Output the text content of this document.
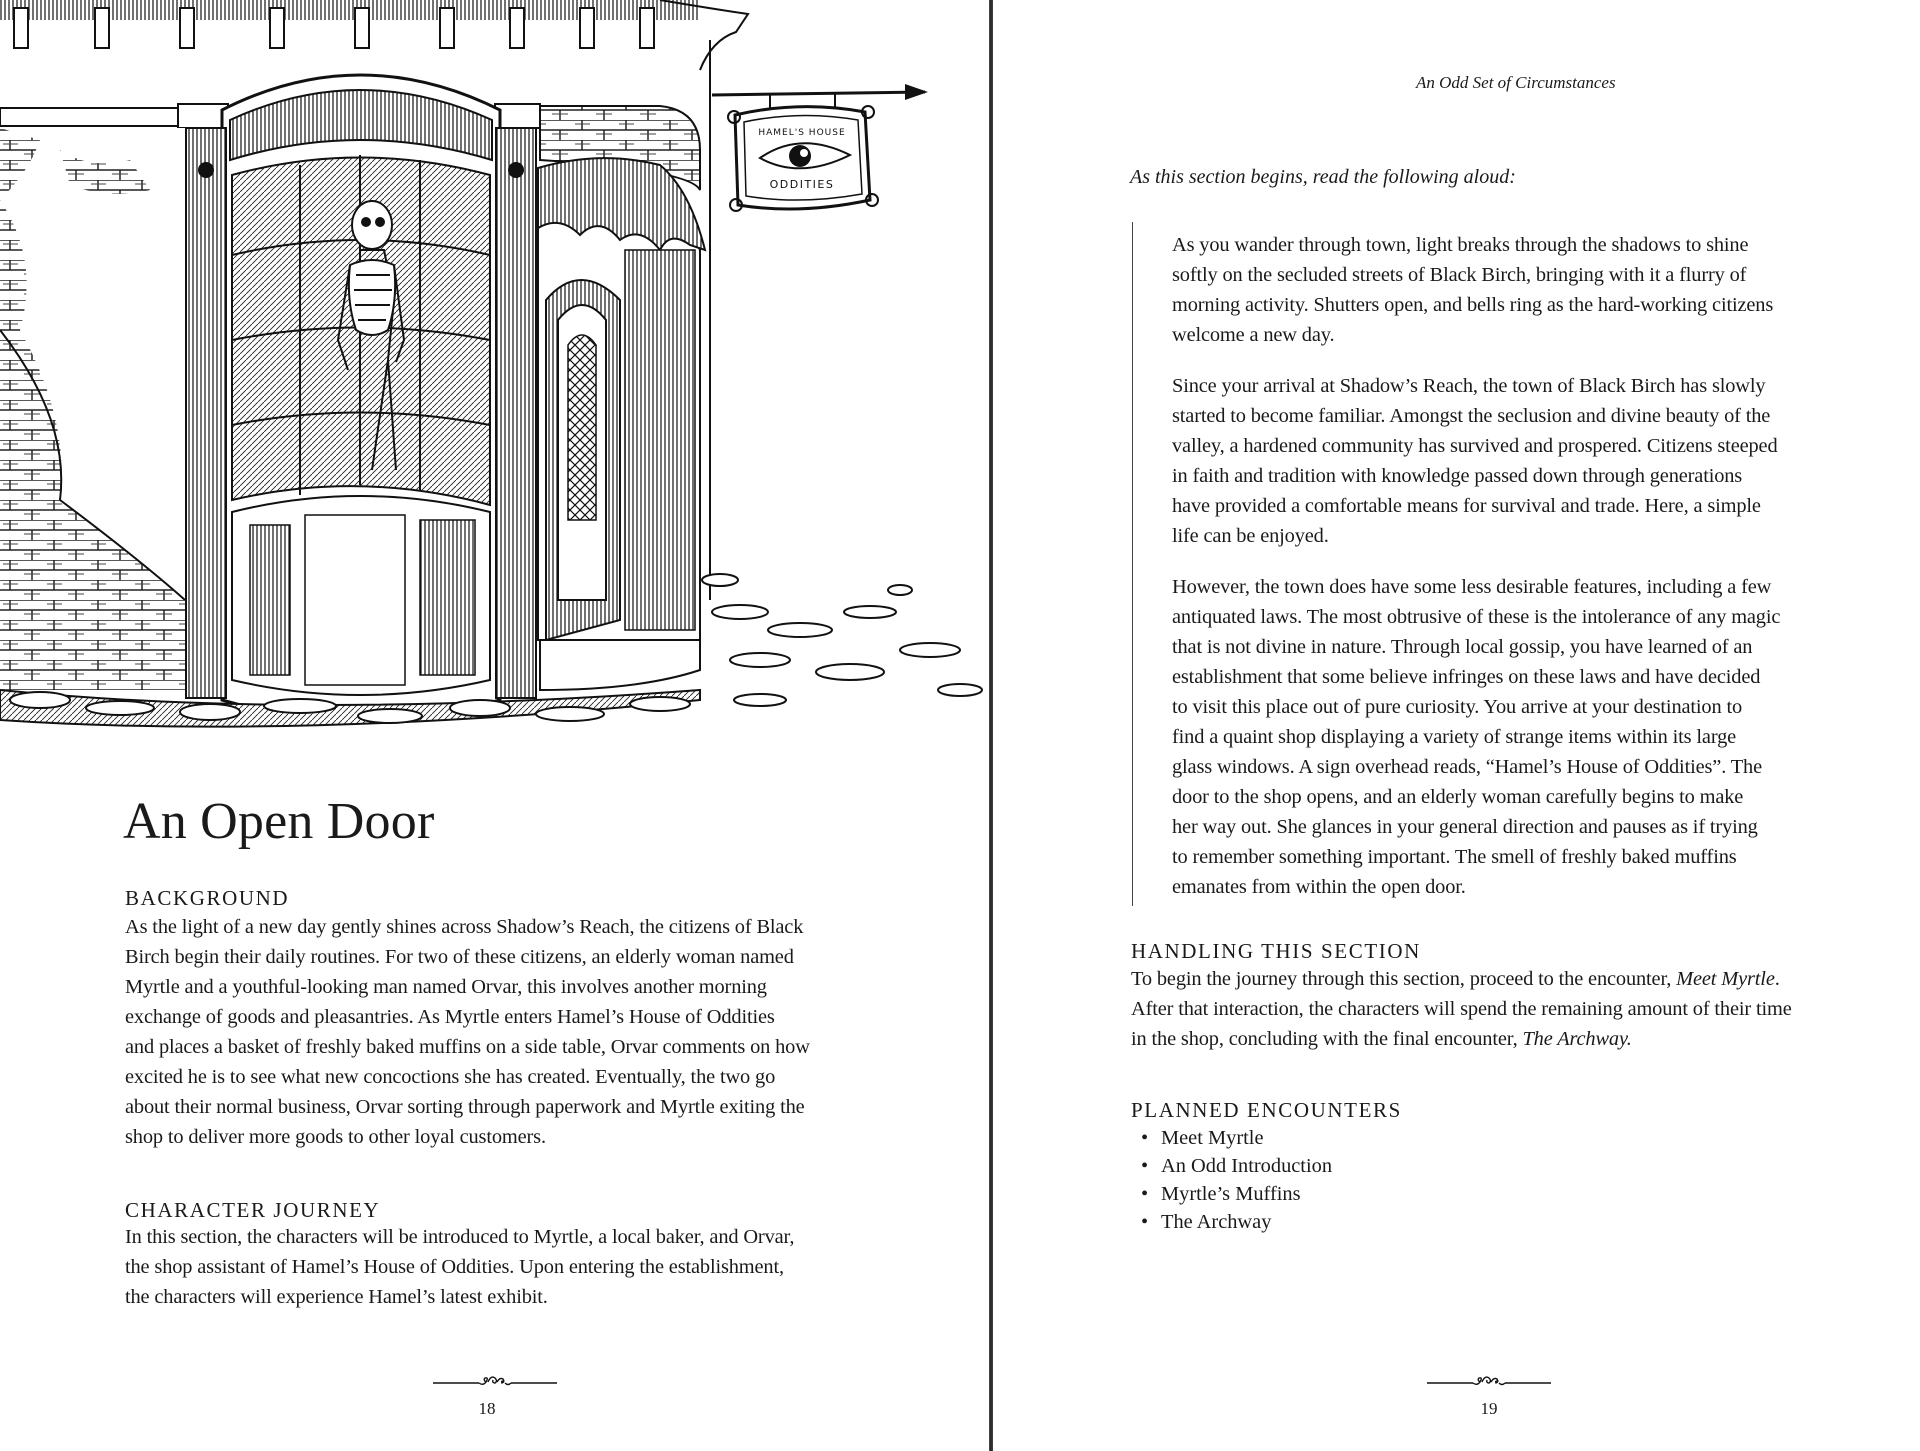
HAMEL'S HOUSE
ODDITIES
An Open Door
BACKGROUND
As the light of a new day gently shines across Shadow’s Reach, the citizens of Black
Birch begin their daily routines. For two of these citizens, an elderly woman named
Myrtle and a youthful-looking man named Orvar, this involves another morning
exchange of goods and pleasantries. As Myrtle enters Hamel’s House of Oddities
and places a basket of freshly baked muffins on a side table, Orvar comments on how
excited he is to see what new concoctions she has created. Eventually, the two go
about their normal business, Orvar sorting through paperwork and Myrtle exiting the
shop to deliver more goods to other loyal customers.
CHARACTER JOURNEY
In this section, the characters will be introduced to Myrtle, a local baker, and Orvar,
the shop assistant of Hamel’s House of Oddities. Upon entering the establishment,
the characters will experience Hamel’s latest exhibit.
18
An Odd Set of Circumstances
As this section begins, read the following aloud:
As you wander through town, light breaks through the shadows to shine
softly on the secluded streets of Black Birch, bringing with it a flurry of
morning activity. Shutters open, and bells ring as the hard-working citizens
welcome a new day.
Since your arrival at Shadow’s Reach, the town of Black Birch has slowly
started to become familiar. Amongst the seclusion and divine beauty of the
valley, a hardened community has survived and prospered. Citizens steeped
in faith and tradition with knowledge passed down through generations
have provided a comfortable means for survival and trade. Here, a simple
life can be enjoyed.
However, the town does have some less desirable features, including a few
antiquated laws. The most obtrusive of these is the intolerance of any magic
that is not divine in nature. Through local gossip, you have learned of an
establishment that some believe infringes on these laws and have decided
to visit this place out of pure curiosity. You arrive at your destination to
find a quaint shop displaying a variety of strange items within its large
glass windows. A sign overhead reads, “Hamel’s House of Oddities”. The
door to the shop opens, and an elderly woman carefully begins to make
her way out. She glances in your general direction and pauses as if trying
to remember something important. The smell of freshly baked muffins
emanates from within the open door.
HANDLING THIS SECTION
To begin the journey through this section, proceed to the encounter, Meet Myrtle.
After that interaction, the characters will spend the remaining amount of their time
in the shop, concluding with the final encounter, The Archway.
PLANNED ENCOUNTERS
• Meet Myrtle
• An Odd Introduction
• Myrtle’s Muffins
• The Archway
19
